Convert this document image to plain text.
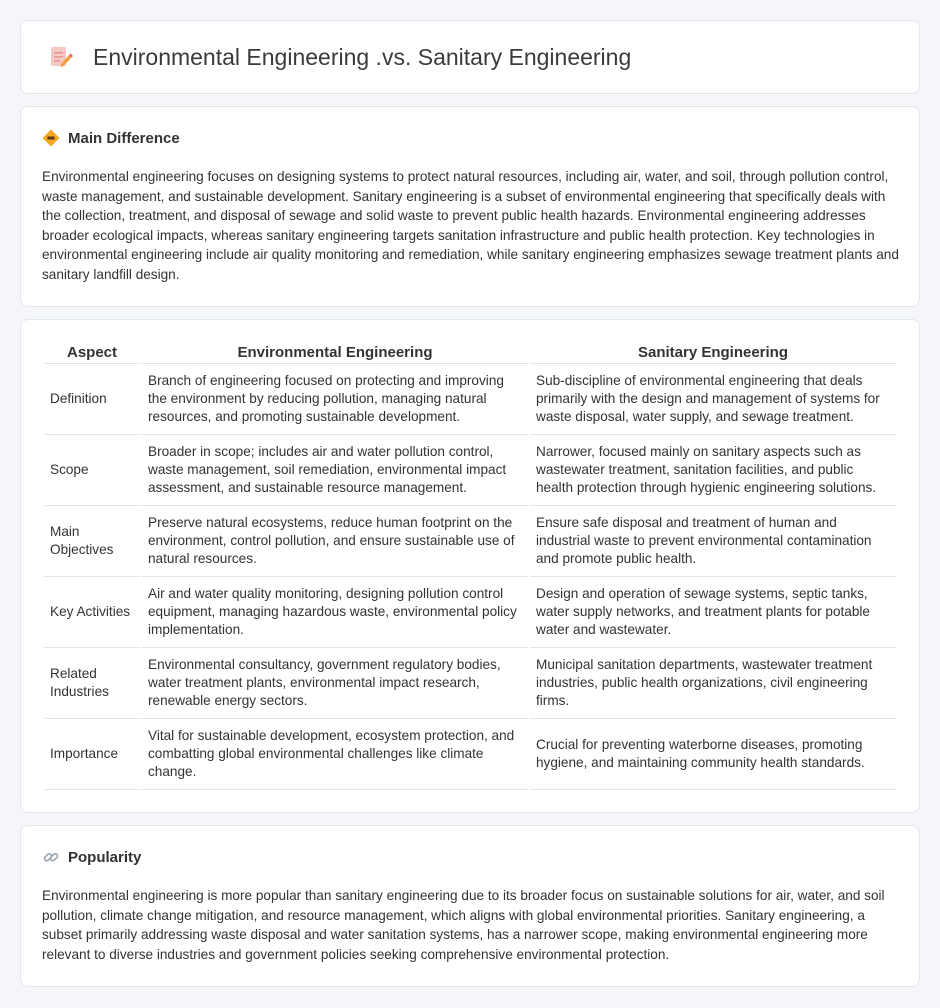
Environmental Engineering .vs. Sanitary Engineering
Main Difference

Environmental engineering focuses on designing systems to protect natural resources, including air, water, and soil, through pollution control, waste management, and sustainable development. Sanitary engineering is a subset of environmental engineering that specifically deals with the collection, treatment, and disposal of sewage and solid waste to prevent public health hazards. Environmental engineering addresses broader ecological impacts, whereas sanitary engineering targets sanitation infrastructure and public health protection. Key technologies in environmental engineering include air quality monitoring and remediation, while sanitary engineering emphasizes sewage treatment plants and sanitary landfill design.

Aspect	Environmental Engineering	Sanitary Engineering
Definition	Branch of engineering focused on protecting and improving the environment by reducing pollution, managing natural resources, and promoting sustainable development.	Sub-discipline of environmental engineering that deals primarily with the design and management of systems for waste disposal, water supply, and sewage treatment.
Scope	Broader in scope; includes air and water pollution control, waste management, soil remediation, environmental impact assessment, and sustainable resource management.	Narrower, focused mainly on sanitary aspects such as wastewater treatment, sanitation facilities, and public health protection through hygienic engineering solutions.
Main Objectives	Preserve natural ecosystems, reduce human footprint on the environment, control pollution, and ensure sustainable use of natural resources.	Ensure safe disposal and treatment of human and industrial waste to prevent environmental contamination and promote public health.
Key Activities	Air and water quality monitoring, designing pollution control equipment, managing hazardous waste, environmental policy implementation.	Design and operation of sewage systems, septic tanks, water supply networks, and treatment plants for potable water and wastewater.
Related Industries	Environmental consultancy, government regulatory bodies, water treatment plants, environmental impact research, renewable energy sectors.	Municipal sanitation departments, wastewater treatment industries, public health organizations, civil engineering firms.
Importance	Vital for sustainable development, ecosystem protection, and combatting global environmental challenges like climate change.	Crucial for preventing waterborne diseases, promoting hygiene, and maintaining community health standards.
Popularity

Environmental engineering is more popular than sanitary engineering due to its broader focus on sustainable solutions for air, water, and soil pollution, climate change mitigation, and resource management, which aligns with global environmental priorities. Sanitary engineering, a subset primarily addressing waste disposal and water sanitation systems, has a narrower scope, making environmental engineering more relevant to diverse industries and government policies seeking comprehensive environmental protection.
